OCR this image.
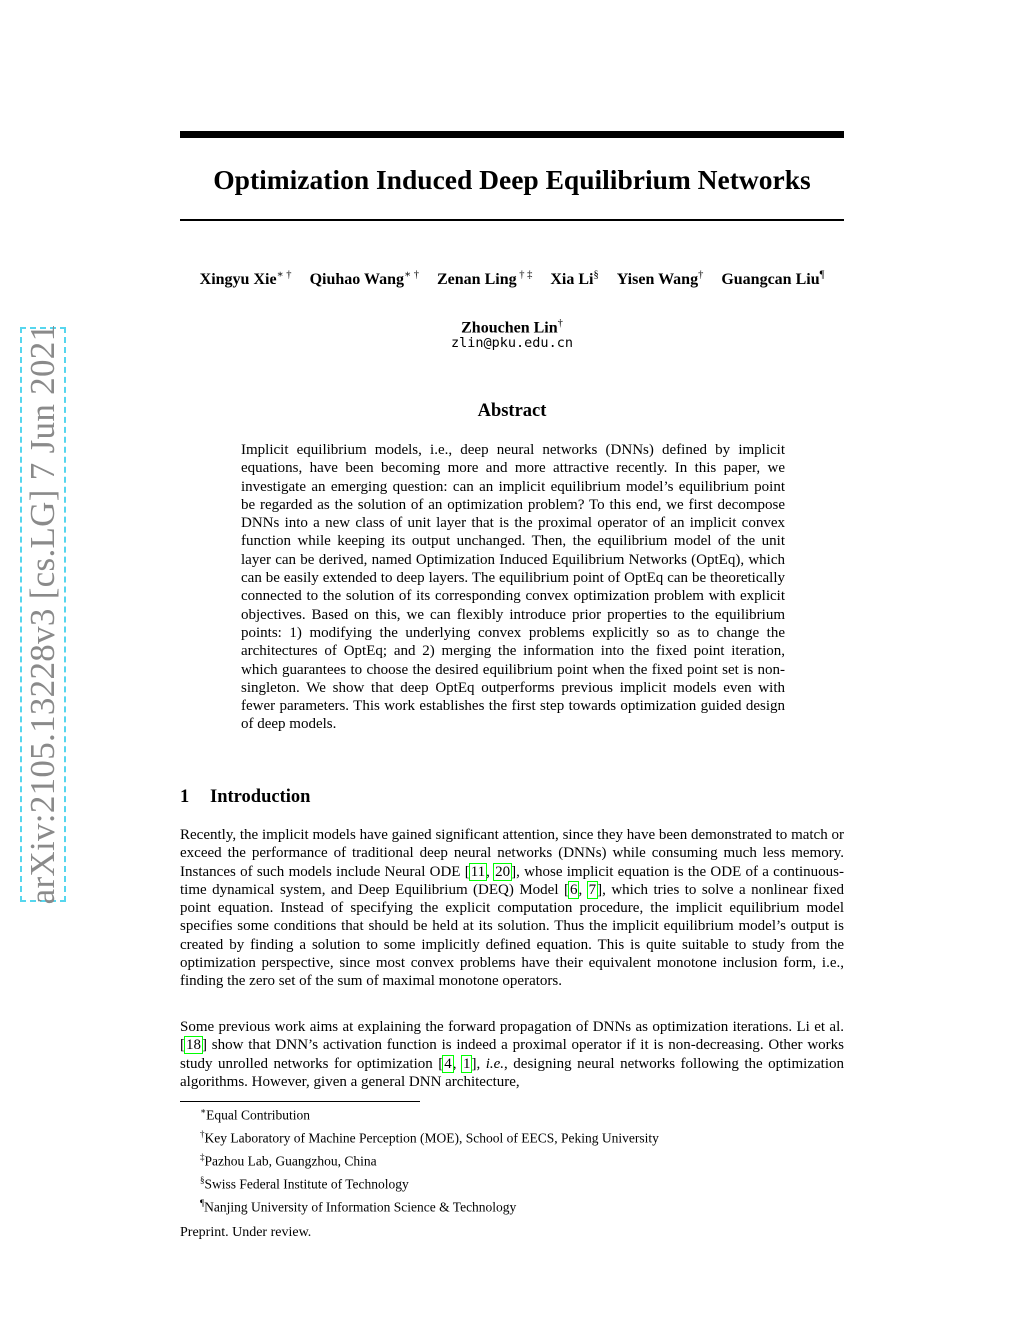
arXiv:2105.13228v3 [cs.LG] 7 Jun 2021
Optimization Induced Deep Equilibrium Networks
Xingyu Xie∗ † Qiuhao Wang∗ † Zenan Ling † ‡ Xia Li§ Yisen Wang† Guangcan Liu¶
Zhouchen Lin†
zlin@pku.edu.cn
Abstract

Implicit equilibrium models, i.e., deep neural networks (DNNs) defined by implicit equations, have been becoming more and more attractive recently. In this paper, we investigate an emerging question: can an implicit equilibrium model’s equilibrium point be regarded as the solution of an optimization problem? To this end, we first decompose DNNs into a new class of unit layer that is the proximal operator of an implicit convex function while keeping its output unchanged. Then, the equilibrium model of the unit layer can be derived, named Optimization Induced Equilibrium Networks (OptEq), which can be easily extended to deep layers. The equilibrium point of OptEq can be theoretically connected to the solution of its corresponding convex optimization problem with explicit objectives. Based on this, we can flexibly introduce prior properties to the equilibrium points: 1) modifying the underlying convex problems explicitly so as to change the architectures of OptEq; and 2) merging the information into the fixed point iteration, which guarantees to choose the desired equilibrium point when the fixed point set is non-singleton. We show that deep OptEq outperforms previous implicit models even with fewer parameters. This work establishes the first step towards optimization guided design of deep models.

1 Introduction

Recently, the implicit models have gained significant attention, since they have been demonstrated to match or exceed the performance of traditional deep neural networks (DNNs) while consuming much less memory. Instances of such models include Neural ODE [11, 20], whose implicit equation is the ODE of a continuous-time dynamical system, and Deep Equilibrium (DEQ) Model [6, 7], which tries to solve a nonlinear fixed point equation. Instead of specifying the explicit computation procedure, the implicit equilibrium model specifies some conditions that should be held at its solution. Thus the implicit equilibrium model’s output is created by finding a solution to some implicitly defined equation. This is quite suitable to study from the optimization perspective, since most convex problems have their equivalent monotone inclusion form, i.e., finding the zero set of the sum of maximal monotone operators.

Some previous work aims at explaining the forward propagation of DNNs as optimization iterations. Li et al. [18] show that DNN’s activation function is indeed a proximal operator if it is non-decreasing. Other works study unrolled networks for optimization [4, 1], i.e., designing neural networks following the optimization algorithms. However, given a general DNN architecture,

∗Equal Contribution
†Key Laboratory of Machine Perception (MOE), School of EECS, Peking University
‡Pazhou Lab, Guangzhou, China
§Swiss Federal Institute of Technology
¶Nanjing University of Information Science & Technology
Preprint. Under review.
